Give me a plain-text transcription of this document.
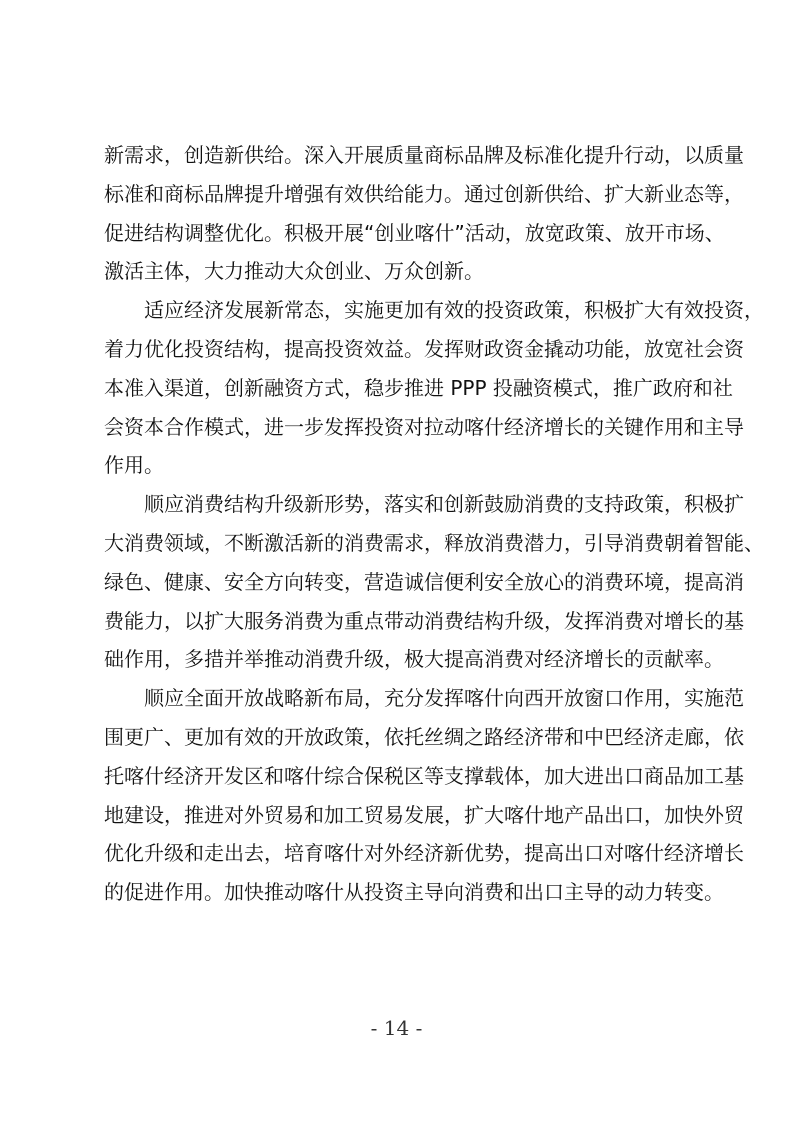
新需求，创造新供给。深入开展质量商标品牌及标准化提升行动，以质量
标准和商标品牌提升增强有效供给能力。通过创新供给、扩大新业态等，
促进结构调整优化。积极开展“创业喀什”活动，放宽政策、放开市场、
激活主体，大力推动大众创业、万众创新。
　　适应经济发展新常态，实施更加有效的投资政策，积极扩大有效投资，
着力优化投资结构，提高投资效益。发挥财政资金撬动功能，放宽社会资
本准入渠道，创新融资方式，稳步推进 PPP 投融资模式，推广政府和社
会资本合作模式，进一步发挥投资对拉动喀什经济增长的关键作用和主导
作用。
　　顺应消费结构升级新形势，落实和创新鼓励消费的支持政策，积极扩
大消费领域，不断激活新的消费需求，释放消费潜力，引导消费朝着智能、
绿色、健康、安全方向转变，营造诚信便利安全放心的消费环境，提高消
费能力，以扩大服务消费为重点带动消费结构升级，发挥消费对增长的基
础作用，多措并举推动消费升级，极大提高消费对经济增长的贡献率。
　　顺应全面开放战略新布局，充分发挥喀什向西开放窗口作用，实施范
围更广、更加有效的开放政策，依托丝绸之路经济带和中巴经济走廊，依
托喀什经济开发区和喀什综合保税区等支撑载体，加大进出口商品加工基
地建设，推进对外贸易和加工贸易发展，扩大喀什地产品出口，加快外贸
优化升级和走出去，培育喀什对外经济新优势，提高出口对喀什经济增长
的促进作用。加快推动喀什从投资主导向消费和出口主导的动力转变。
- 14 -
